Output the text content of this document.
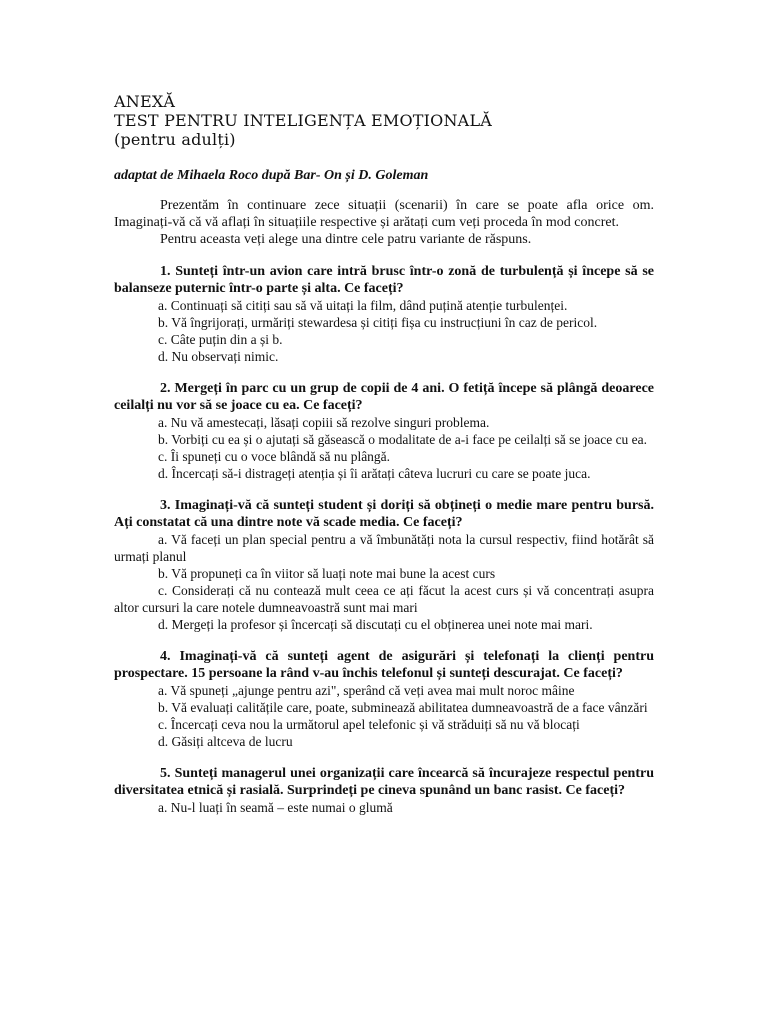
ANEXĂ
TEST PENTRU INTELIGENȚA EMOȚIONALĂ
(pentru adulți)
adaptat de Mihaela Roco după Bar- On și D. Goleman

Prezentăm în continuare zece situații (scenarii) în care se poate afla orice om. Imaginați-vă că vă aflați în situațiile respective și arătați cum veți proceda în mod concret.

Pentru aceasta veți alege una dintre cele patru variante de răspuns.

1. Sunteți într-un avion care intră brusc într-o zonă de turbulență și începe să se balanseze puternic într-o parte și alta. Ce faceți?

a. Continuați să citiți sau să vă uitați la film, dând puțină atenție turbulenței.

b. Vă îngrijorați, urmăriți stewardesa și citiți fișa cu instrucțiuni în caz de pericol.

c. Câte puțin din a și b.

d. Nu observați nimic.

2. Mergeți în parc cu un grup de copii de 4 ani. O fetiță începe să plângă deoarece ceilalți nu vor să se joace cu ea. Ce faceți?

a. Nu vă amestecați, lăsați copiii să rezolve singuri problema.

b. Vorbiți cu ea și o ajutați să găsească o modalitate de a-i face pe ceilalți să se joace cu ea.

c. Îi spuneți cu o voce blândă să nu plângă.

d. Încercați să-i distrageți atenția și îi arătați câteva lucruri cu care se poate juca.

3. Imaginați-vă că sunteți student și doriți să obțineți o medie mare pentru bursă. Ați constatat că una dintre note vă scade media. Ce faceți?

a. Vă faceți un plan special pentru a vă îmbunătăți nota la cursul respectiv, fiind hotărât să urmați planul

b. Vă propuneți ca în viitor să luați note mai bune la acest curs

c. Considerați că nu contează mult ceea ce ați făcut la acest curs și vă concentrați asupra altor cursuri la care notele dumneavoastră sunt mai mari

d. Mergeți la profesor și încercați să discutați cu el obținerea unei note mai mari.

4. Imaginați-vă că sunteți agent de asigurări și telefonați la clienți pentru prospectare. 15 persoane la rând v-au închis telefonul și sunteți descurajat. Ce faceți?

a. Vă spuneți „ajunge pentru azi", sperând că veți avea mai mult noroc mâine

b. Vă evaluați calitățile care, poate, subminează abilitatea dumneavoastră de a face vânzări

c. Încercați ceva nou la următorul apel telefonic și vă străduiți să nu vă blocați

d. Găsiți altceva de lucru

5. Sunteți managerul unei organizații care încearcă să încurajeze respectul pentru diversitatea etnică și rasială. Surprindeți pe cineva spunând un banc rasist. Ce faceți?

a. Nu-l luați în seamă – este numai o glumă
